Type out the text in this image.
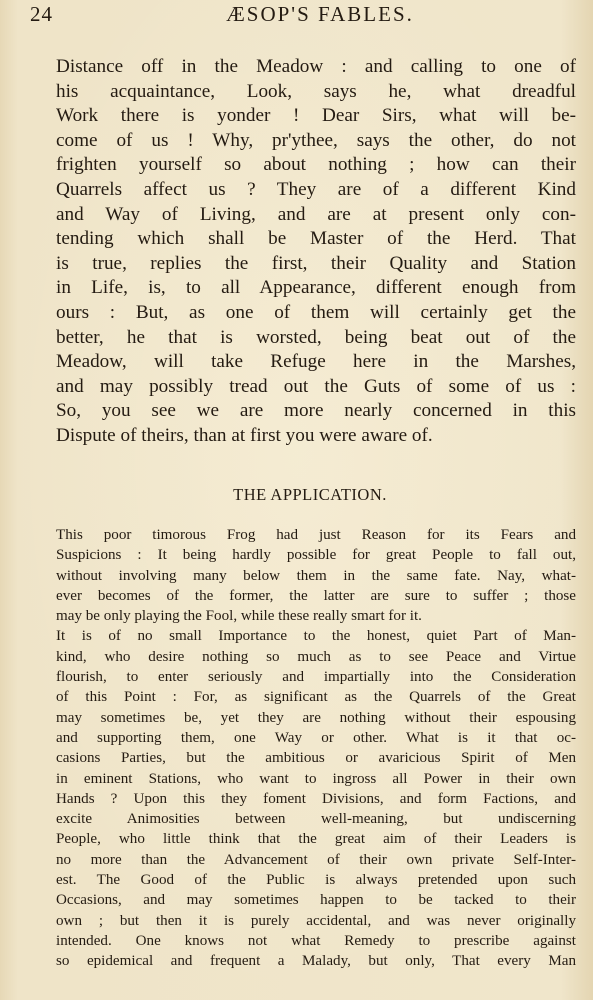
24	ÆSOP'S FABLES.
Distance off in the Meadow : and calling to one of
his acquaintance, Look, says he, what dreadful
Work there is yonder ! Dear Sirs, what will be-
come of us ! Why, pr'ythee, says the other, do not
frighten yourself so about nothing ; how can their
Quarrels affect us ? They are of a different Kind
and Way of Living, and are at present only con-
tending which shall be Master of the Herd. That
is true, replies the first, their Quality and Station
in Life, is, to all Appearance, different enough from
ours : But, as one of them will certainly get the
better, he that is worsted, being beat out of the
Meadow, will take Refuge here in the Marshes,
and may possibly tread out the Guts of some of us :
So, you see we are more nearly concerned in this
Dispute of theirs, than at first you were aware of.
THE APPLICATION.
This poor timorous Frog had just Reason for its Fears and
Suspicions : It being hardly possible for great People to fall out,
without involving many below them in the same fate. Nay, what-
ever becomes of the former, the latter are sure to suffer ; those
may be only playing the Fool, while these really smart for it.
It is of no small Importance to the honest, quiet Part of Man-
kind, who desire nothing so much as to see Peace and Virtue
flourish, to enter seriously and impartially into the Consideration
of this Point : For, as significant as the Quarrels of the Great
may sometimes be, yet they are nothing without their espousing
and supporting them, one Way or other. What is it that oc-
casions Parties, but the ambitious or avaricious Spirit of Men
in eminent Stations, who want to ingross all Power in their own
Hands ? Upon this they foment Divisions, and form Factions, and
excite Animosities between well-meaning, but undiscerning
People, who little think that the great aim of their Leaders is
no more than the Advancement of their own private Self-Inter-
est. The Good of the Public is always pretended upon such
Occasions, and may sometimes happen to be tacked to their
own ; but then it is purely accidental, and was never originally
intended. One knows not what Remedy to prescribe against
so epidemical and frequent a Malady, but only, That every Man
